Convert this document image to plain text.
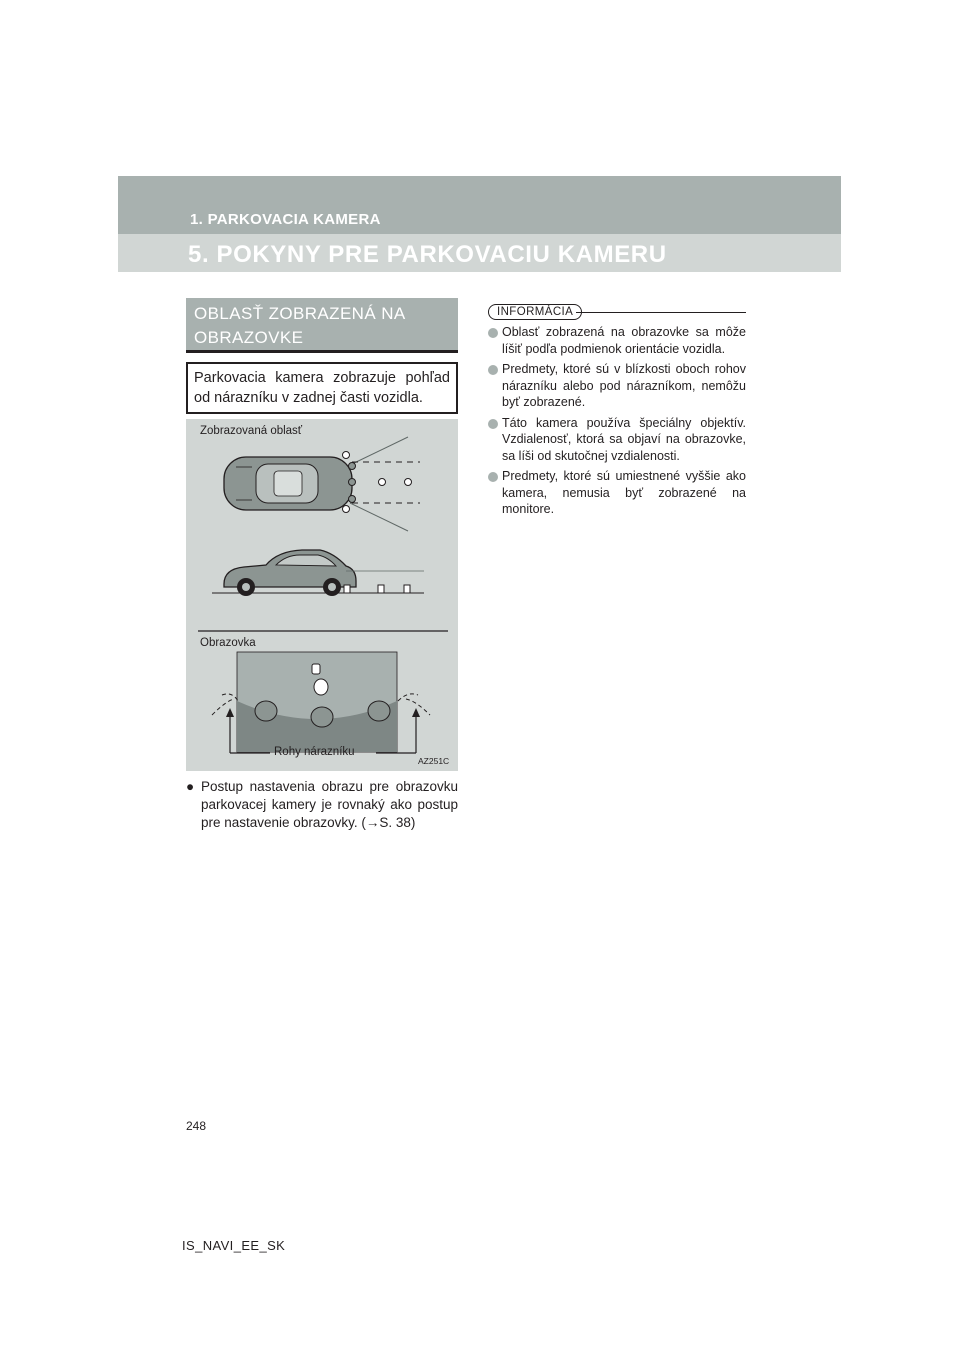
1. PARKOVACIA KAMERA
5. POKYNY PRE PARKOVACIU KAMERU
OBLASŤ ZOBRAZENÁ NA
OBRAZOVKE
Parkovacia kamera zobrazuje pohľad od nárazníku v zadnej časti vozidla.
Zobrazovaná oblasť
Obrazovka
Rohy nárazníku
AZ251C
● Postup nastavenia obrazu pre obrazovku parkovacej kamery je rovnaký ako postup pre nastavenie obrazovky. (→S. 38)
INFORMÁCIA
Oblasť zobrazená na obrazovke sa môže líšiť podľa podmienok orientácie vozidla.
Predmety, ktoré sú v blízkosti oboch rohov nárazníku alebo pod nárazníkom, nemôžu byť zobrazené.
Táto kamera používa špeciálny objektív. Vzdialenosť, ktorá sa objaví na obrazovke, sa líši od skutočnej vzdialenosti.
Predmety, ktoré sú umiestnené vyššie ako kamera, nemusia byť zobrazené na monitore.
248
IS_NAVI_EE_SK
